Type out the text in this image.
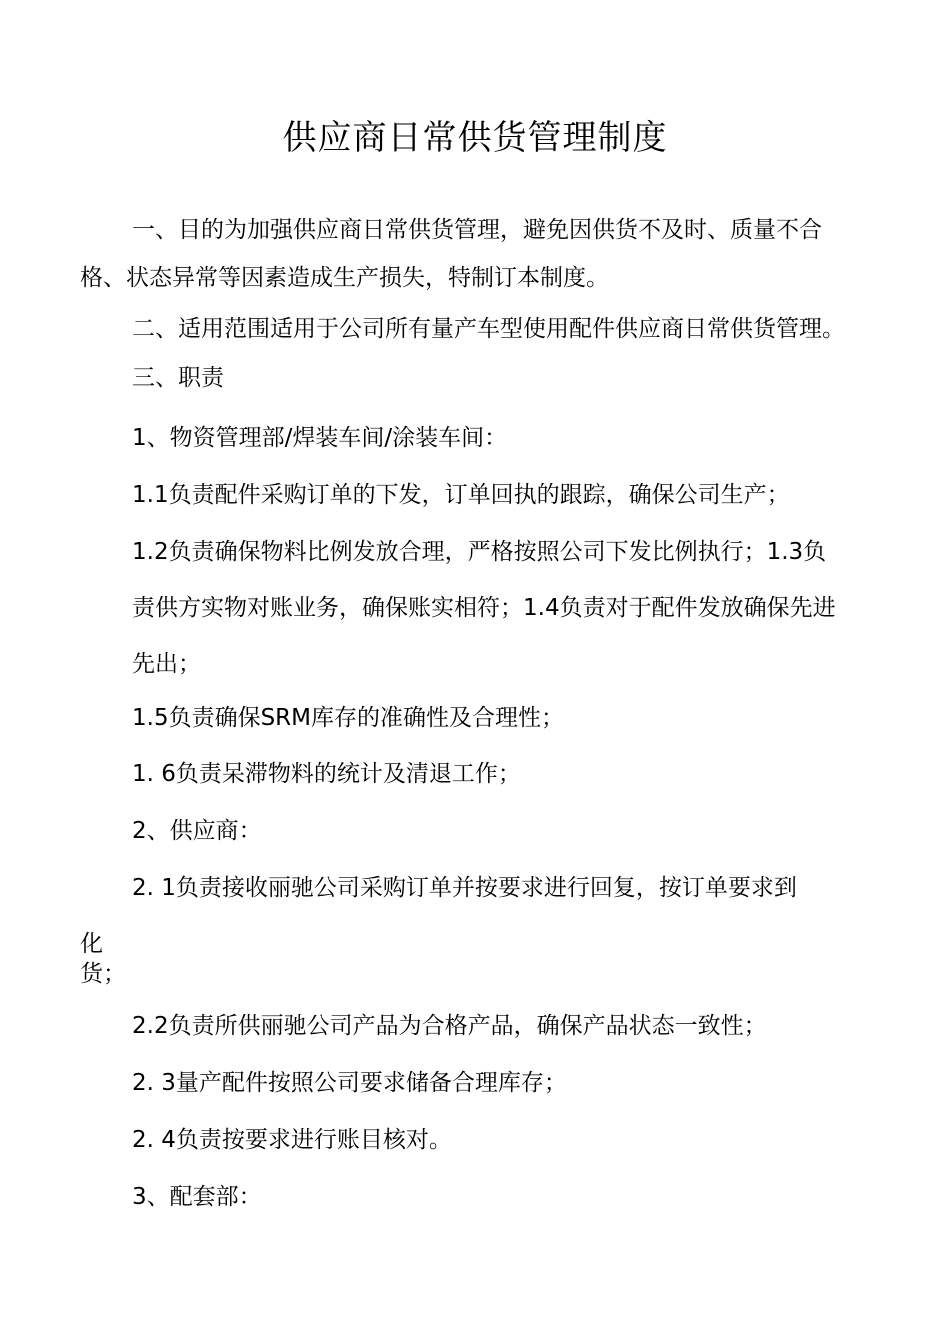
供应商日常供货管理制度
一、目的为加强供应商日常供货管理，避免因供货不及时、质量不合
格、状态异常等因素造成生产损失，特制订本制度。
二、适用范围适用于公司所有量产车型使用配件供应商日常供货管理。
三、职责
1、物资管理部/焊装车间/涂装车间：
1.1负责配件采购订单的下发，订单回执的跟踪，确保公司生产；
1.2负责确保物料比例发放合理，严格按照公司下发比例执行；1.3负
责供方实物对账业务，确保账实相符；1.4负责对于配件发放确保先进
先出；
1.5负责确保SRM库存的准确性及合理性；
1. 6负责呆滞物料的统计及清退工作；
2、供应商：
2. 1负责接收丽驰公司采购订单并按要求进行回复，按订单要求到
化
货；
2.2负责所供丽驰公司产品为合格产品，确保产品状态一致性；
2. 3量产配件按照公司要求储备合理库存；
2. 4负责按要求进行账目核对。
3、配套部：
